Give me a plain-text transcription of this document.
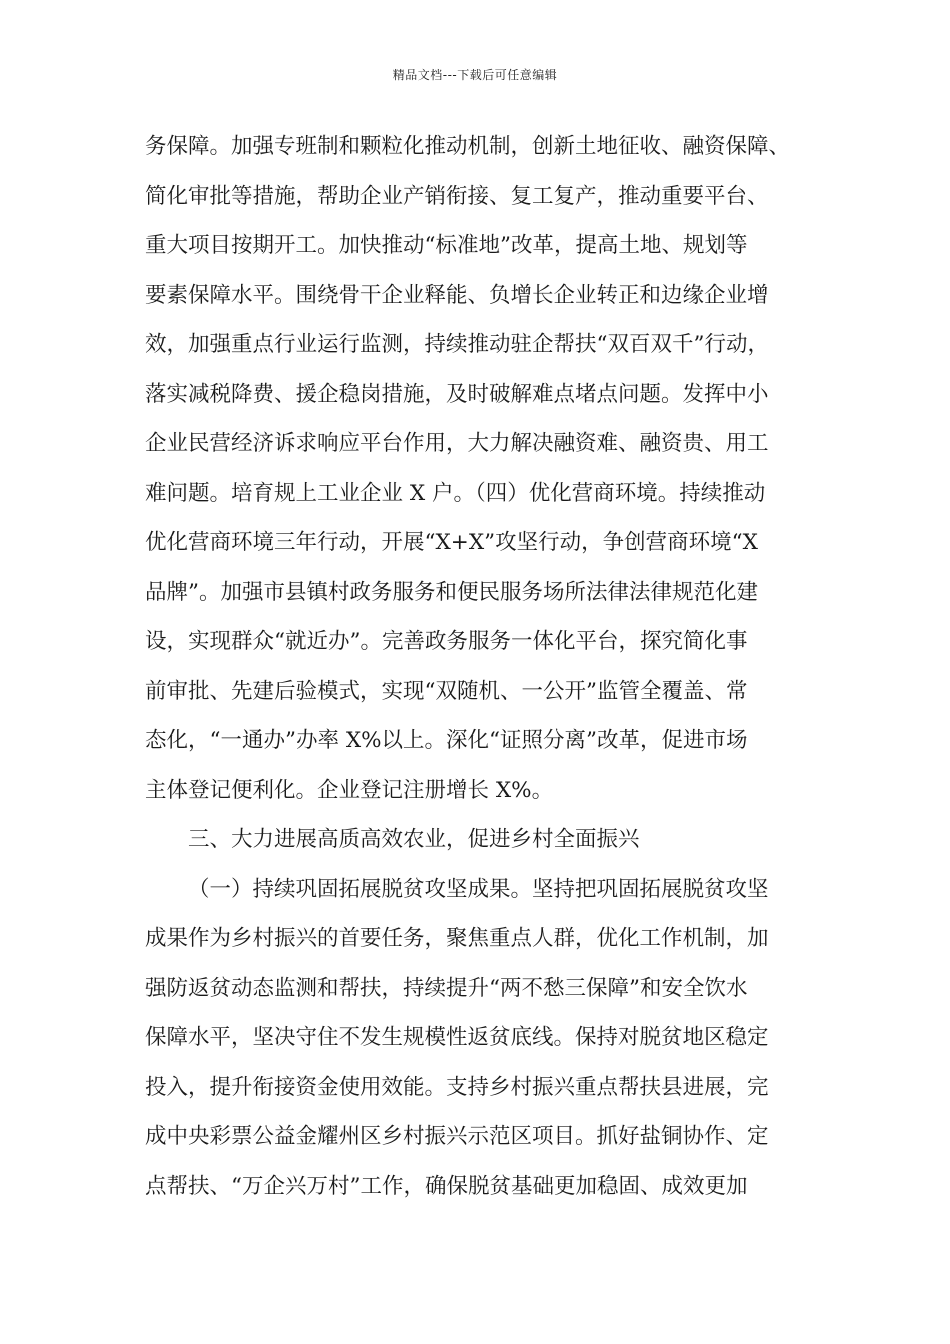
精品文档---下载后可任意编辑
务保障。加强专班制和颗粒化推动机制，创新土地征收、融资保障、
简化审批等措施，帮助企业产销衔接、复工复产，推动重要平台、
重大项目按期开工。加快推动“标准地”改革，提高土地、规划等
要素保障水平。围绕骨干企业释能、负增长企业转正和边缘企业增
效，加强重点行业运行监测，持续推动驻企帮扶“双百双千”行动，
落实减税降费、援企稳岗措施，及时破解难点堵点问题。发挥中小
企业民营经济诉求响应平台作用，大力解决融资难、融资贵、用工
难问题。培育规上工业企业 X 户。（四）优化营商环境。持续推动
优化营商环境三年行动，开展“X+X”攻坚行动，争创营商环境“X
品牌”。加强市县镇村政务服务和便民服务场所法律法律规范化建
设，实现群众“就近办”。完善政务服务一体化平台，探究简化事
前审批、先建后验模式，实现“双随机、一公开”监管全覆盖、常
态化，“一通办”办率 X%以上。深化“证照分离”改革，促进市场
主体登记便利化。企业登记注册增长 X%。
三、大力进展高质高效农业，促进乡村全面振兴
（一）持续巩固拓展脱贫攻坚成果。坚持把巩固拓展脱贫攻坚
成果作为乡村振兴的首要任务，聚焦重点人群，优化工作机制，加
强防返贫动态监测和帮扶，持续提升“两不愁三保障”和安全饮水
保障水平，坚决守住不发生规模性返贫底线。保持对脱贫地区稳定
投入，提升衔接资金使用效能。支持乡村振兴重点帮扶县进展，完
成中央彩票公益金耀州区乡村振兴示范区项目。抓好盐铜协作、定
点帮扶、“万企兴万村”工作，确保脱贫基础更加稳固、成效更加
